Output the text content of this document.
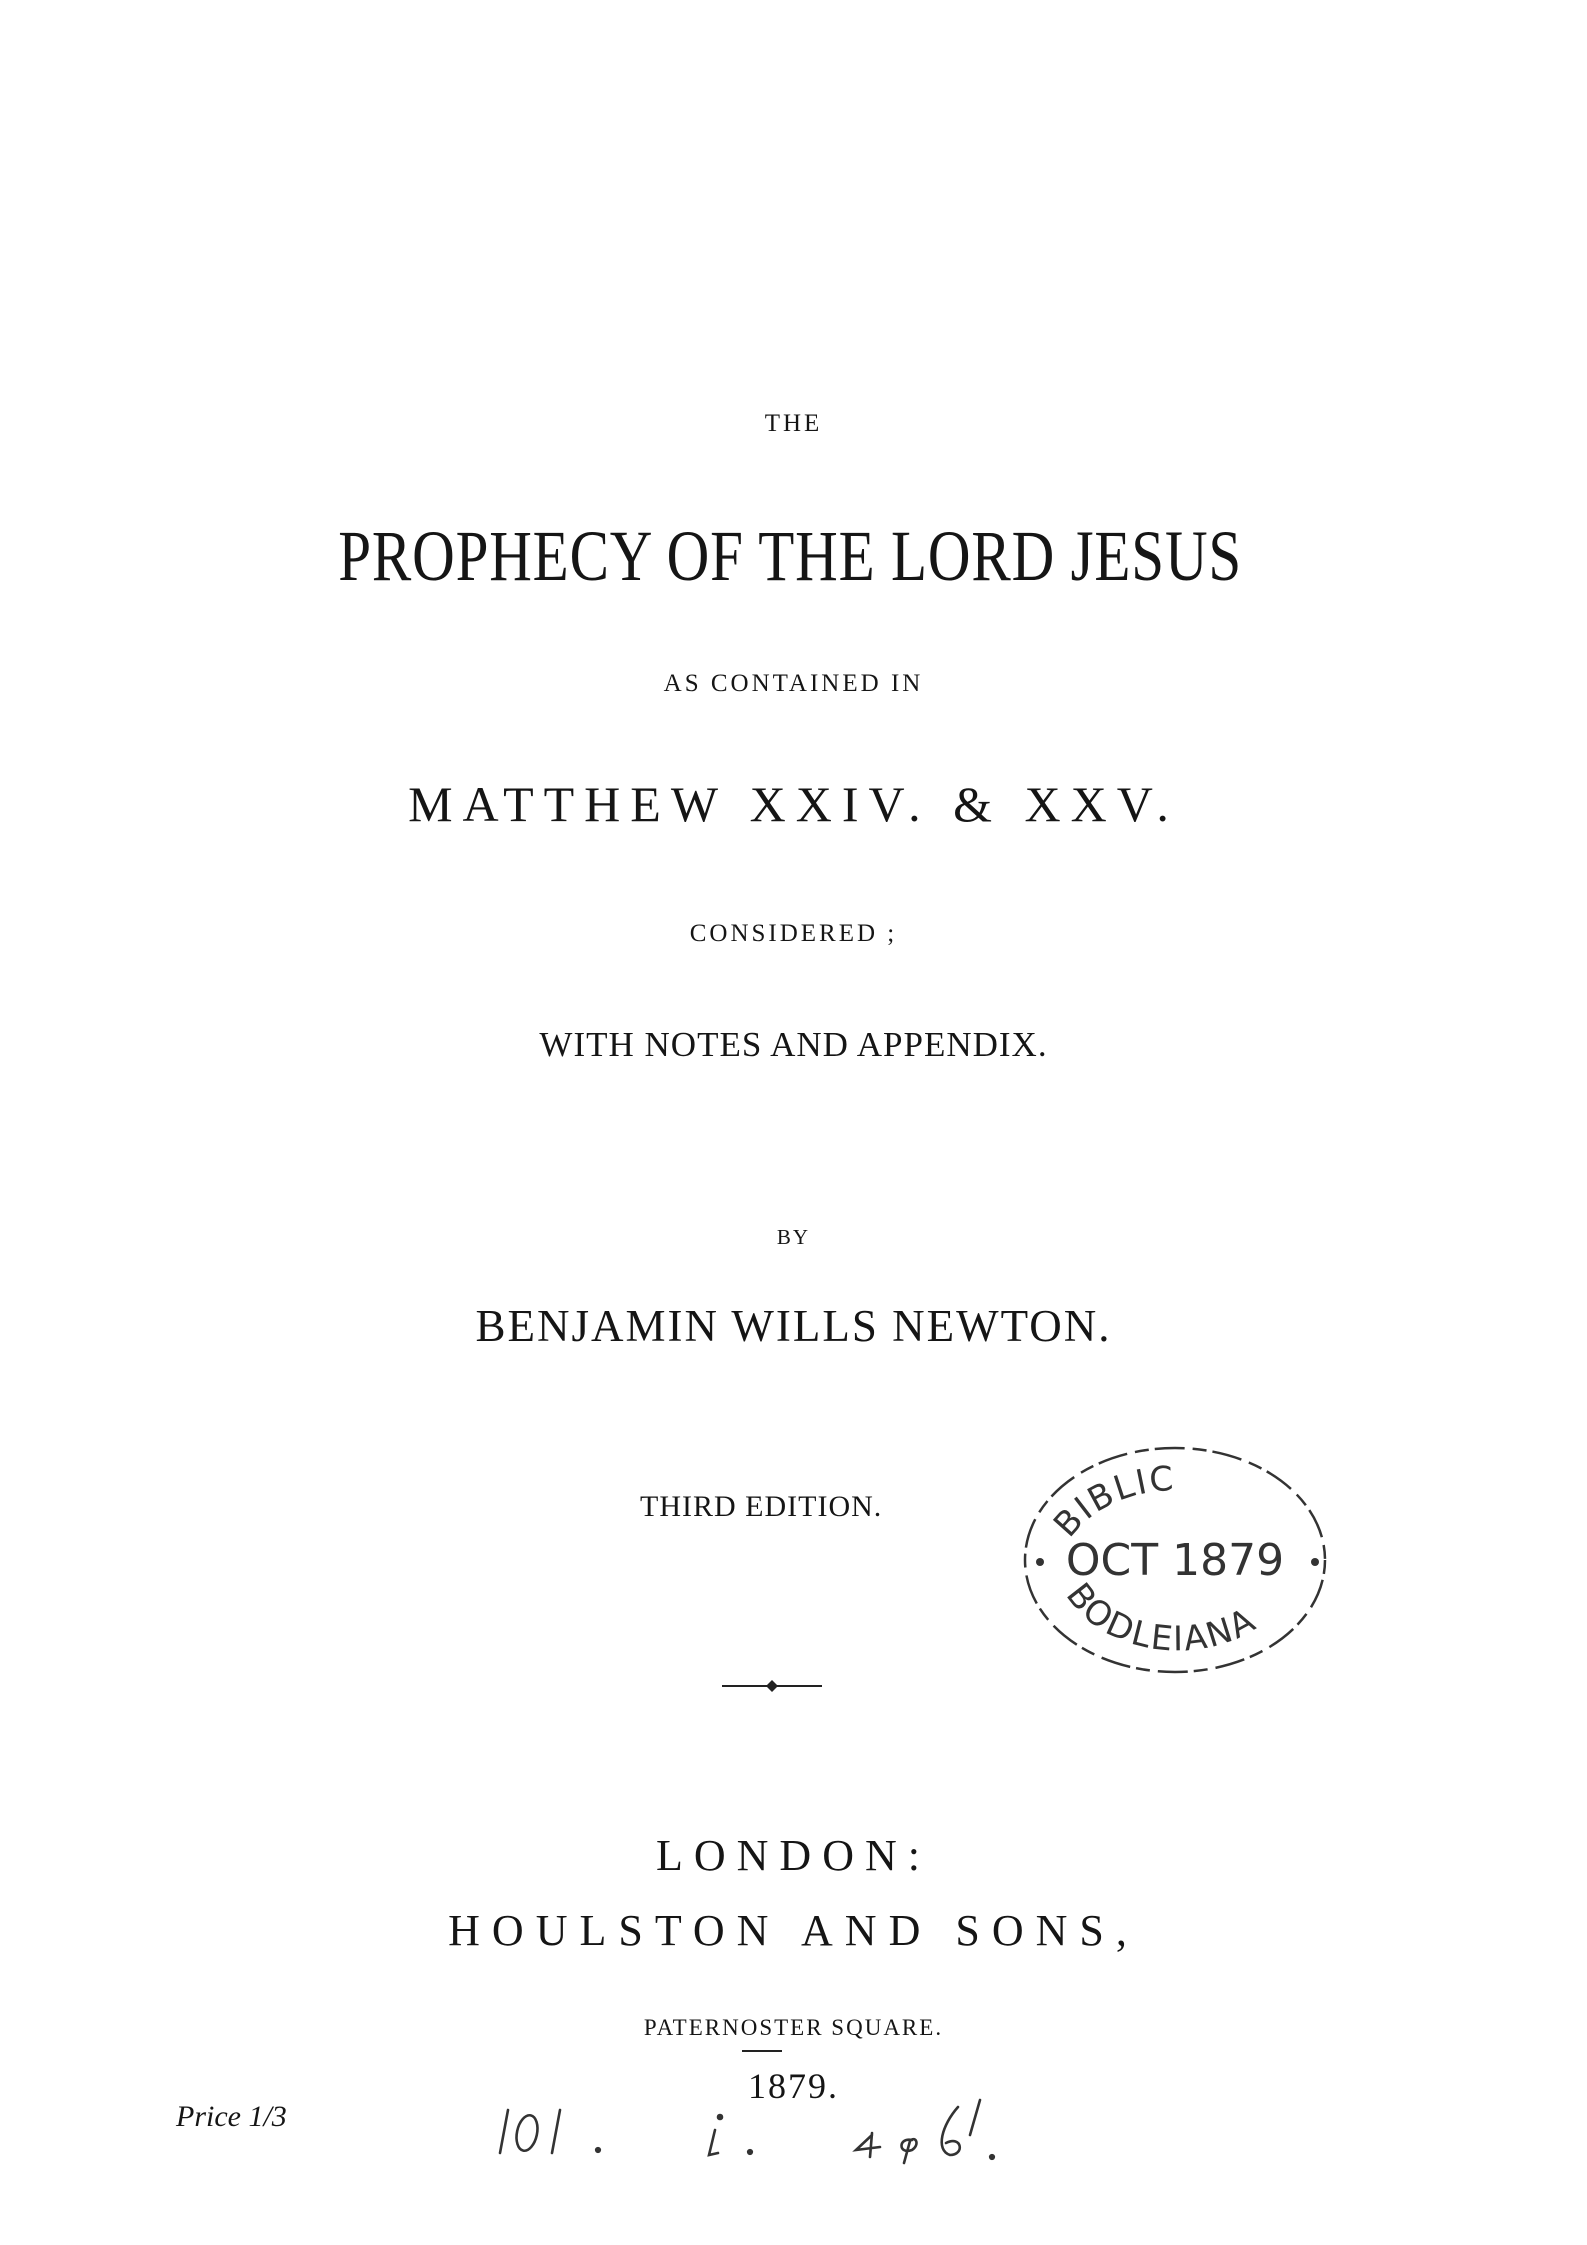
THE
PROPHECY OF THE LORD JESUS
AS CONTAINED IN
MATTHEW XXIV. & XXV.
CONSIDERED ;
WITH NOTES AND APPENDIX.
BY
BENJAMIN WILLS NEWTON.
THIRD EDITION.	BIBLIC
OCT 1879
BODLEIANA
LONDON:
HOULSTON AND SONS,
PATERNOSTER SQUARE.
1879.
Price 1/3
